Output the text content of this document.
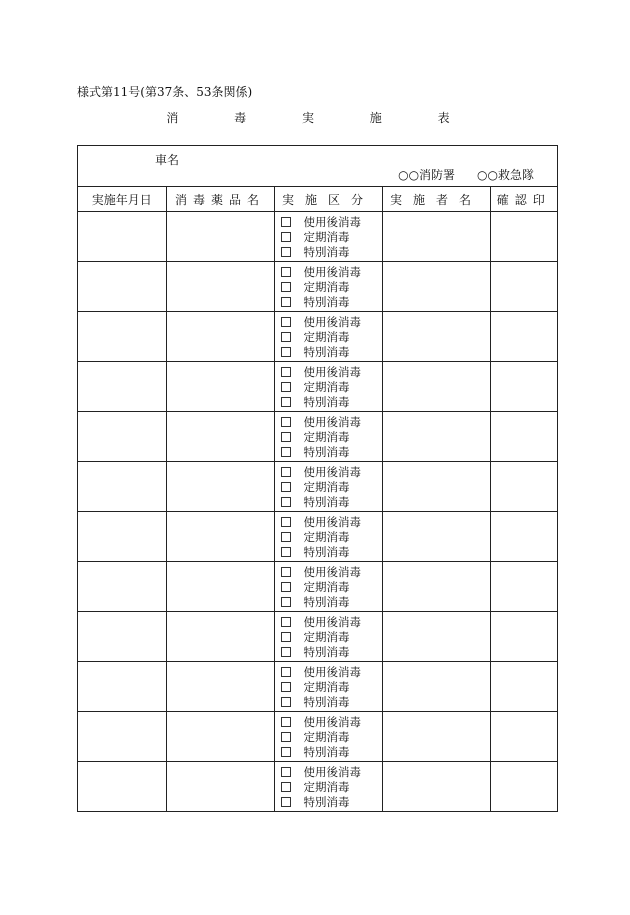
様式第11号(第37条、53条関係)
消 毒 実 施 表
車名
○○消防署 ○○救急隊
実施年月日	消毒薬品名	実施区分	実施者名	確認印

		使用後消毒
定期消毒
特別消毒		

		使用後消毒
定期消毒
特別消毒		

		使用後消毒
定期消毒
特別消毒		

		使用後消毒
定期消毒
特別消毒		

		使用後消毒
定期消毒
特別消毒		

		使用後消毒
定期消毒
特別消毒		

		使用後消毒
定期消毒
特別消毒		

		使用後消毒
定期消毒
特別消毒		

		使用後消毒
定期消毒
特別消毒		

		使用後消毒
定期消毒
特別消毒		

		使用後消毒
定期消毒
特別消毒		

		使用後消毒
定期消毒
特別消毒		
